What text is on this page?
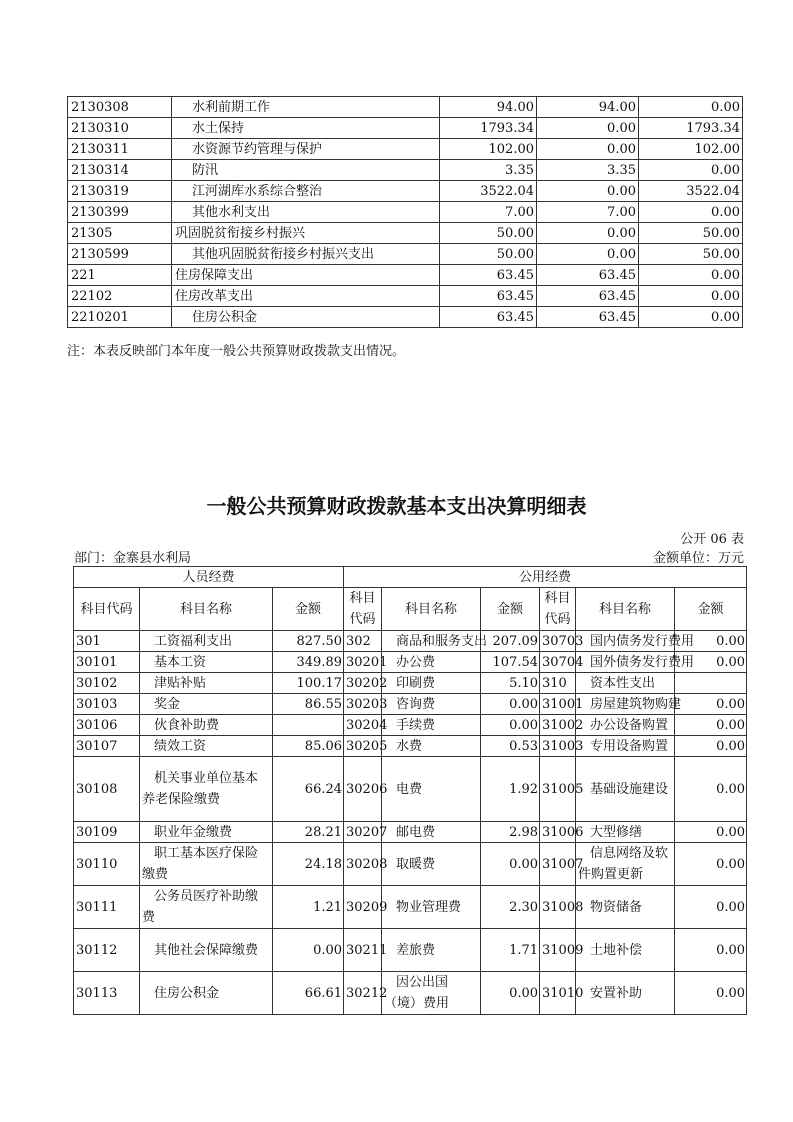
2130308	水利前期工作	94.00	94.00	0.00
2130310	水土保持	1793.34	0.00	1793.34
2130311	水资源节约管理与保护	102.00	0.00	102.00
2130314	防汛	3.35	3.35	0.00
2130319	江河湖库水系综合整治	3522.04	0.00	3522.04
2130399	其他水利支出	7.00	7.00	0.00
21305	巩固脱贫衔接乡村振兴	50.00	0.00	50.00
2130599	其他巩固脱贫衔接乡村振兴支出	50.00	0.00	50.00
221	住房保障支出	63.45	63.45	0.00
22102	住房改革支出	63.45	63.45	0.00
2210201	住房公积金	63.45	63.45	0.00
注：本表反映部门本年度一般公共预算财政拨款支出情况。
一般公共预算财政拨款基本支出决算明细表
公开 06 表
部门：金寨县水利局	金额单位：万元
人员经费			公用经费					
科目代码	科目名称	金额	科目代码	科目名称	金额	科目代码	科目名称	金额
301	工资福利支出	827.50	302	商品和服务支出	207.09	30703	国内债务发行费用	0.00
30101	基本工资	349.89	30201	办公费	107.54	30704	国外债务发行费用	0.00
30102	津贴补贴	100.17	30202	印刷费	5.10	310	资本性支出	
30103	奖金	86.55	30203	咨询费	0.00	31001	房屋建筑物购建	0.00
30106	伙食补助费		30204	手续费	0.00	31002	办公设备购置	0.00
30107	绩效工资	85.06	30205	水费	0.53	31003	专用设备购置	0.00
30108	机关事业单位基本养老保险缴费	66.24	30206	电费	1.92	31005	基础设施建设	0.00
30109	职业年金缴费	28.21	30207	邮电费	2.98	31006	大型修缮	0.00
30110	职工基本医疗保险缴费	24.18	30208	取暖费	0.00	31007	信息网络及软件购置更新	0.00
30111	公务员医疗补助缴费	1.21	30209	物业管理费	2.30	31008	物资储备	0.00
30112	其他社会保障缴费	0.00	30211	差旅费	1.71	31009	土地补偿	0.00
30113	住房公积金	66.61	30212	因公出国（境）费用	0.00	31010	安置补助	0.00
